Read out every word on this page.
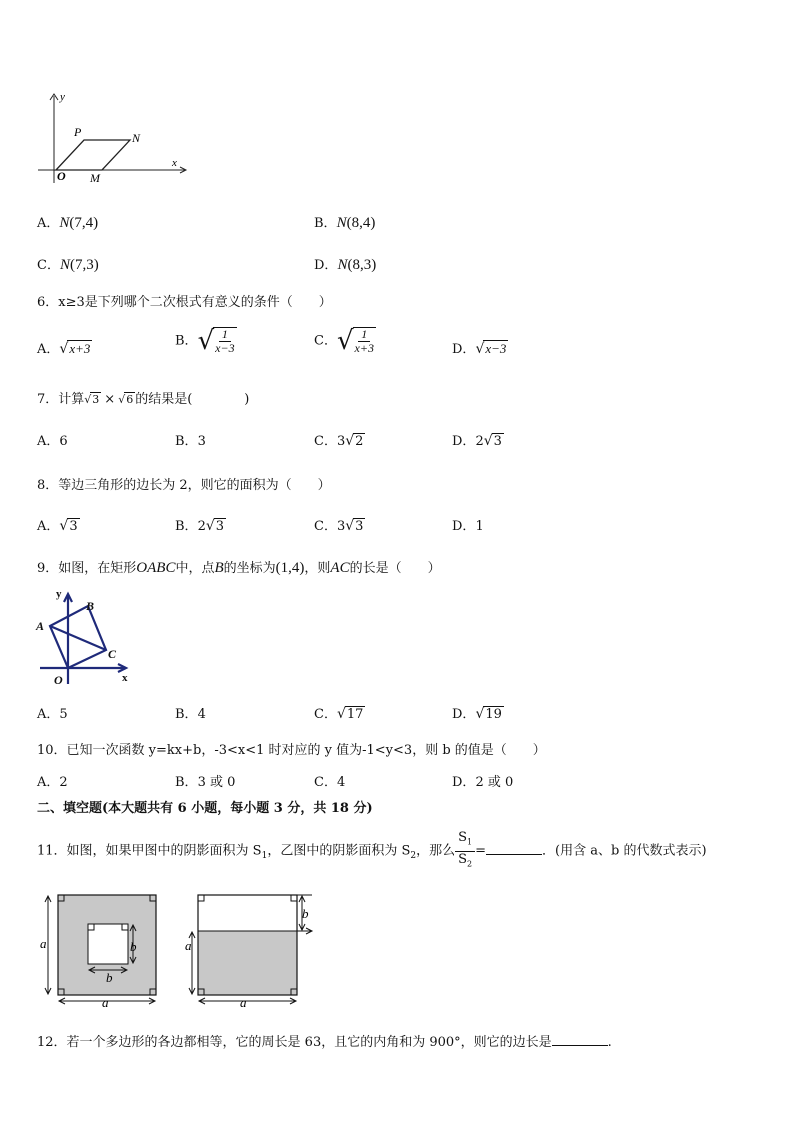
y
x
P	N
O M
A．N(7,4)	B．N(8,4)
C．N(7,3)	D．N(8,3)
6．x≥3是下列哪个二次根式有意义的条件（　　）
A．√x+3	B．√ $\frac{1}{x-3}$	C．√ $\frac{1}{x+3}$	D．√x−3
7．计算√3 × √6 的结果是(　　　　)
A．6	B．3	C．3√2	D．2√3
8．等边三角形的边长为 2，则它的面积为（　　）
A．√3	B．2√3	C．3√3	D．1
9．如图，在矩形OABC中，点B的坐标为(1,4)，则AC的长是（　　）
y
x
A
B
C
O
A．5	B．4	C．√17	D．√19
10．已知一次函数 y=kx+b，-3<x<1 时对应的 y 值为-1<y<3，则 b 的值是（　　）
A．2	B．3 或 0	C．4	D．2 或 0
二、填空题(本大题共有 6 小题，每小题 3 分，共 18 分)
11．如图，如果甲图中的阴影面积为 $S_1$，乙图中的阴影面积为 $S_2$，那么 $\frac{S_1}{S_2}$ =	．(用含 a、b 的代数式表示)
a
a
b
b
b
a
a
12．若一个多边形的各边都相等，它的周长是 63，且它的内角和为 900°，则它的边长是	.
